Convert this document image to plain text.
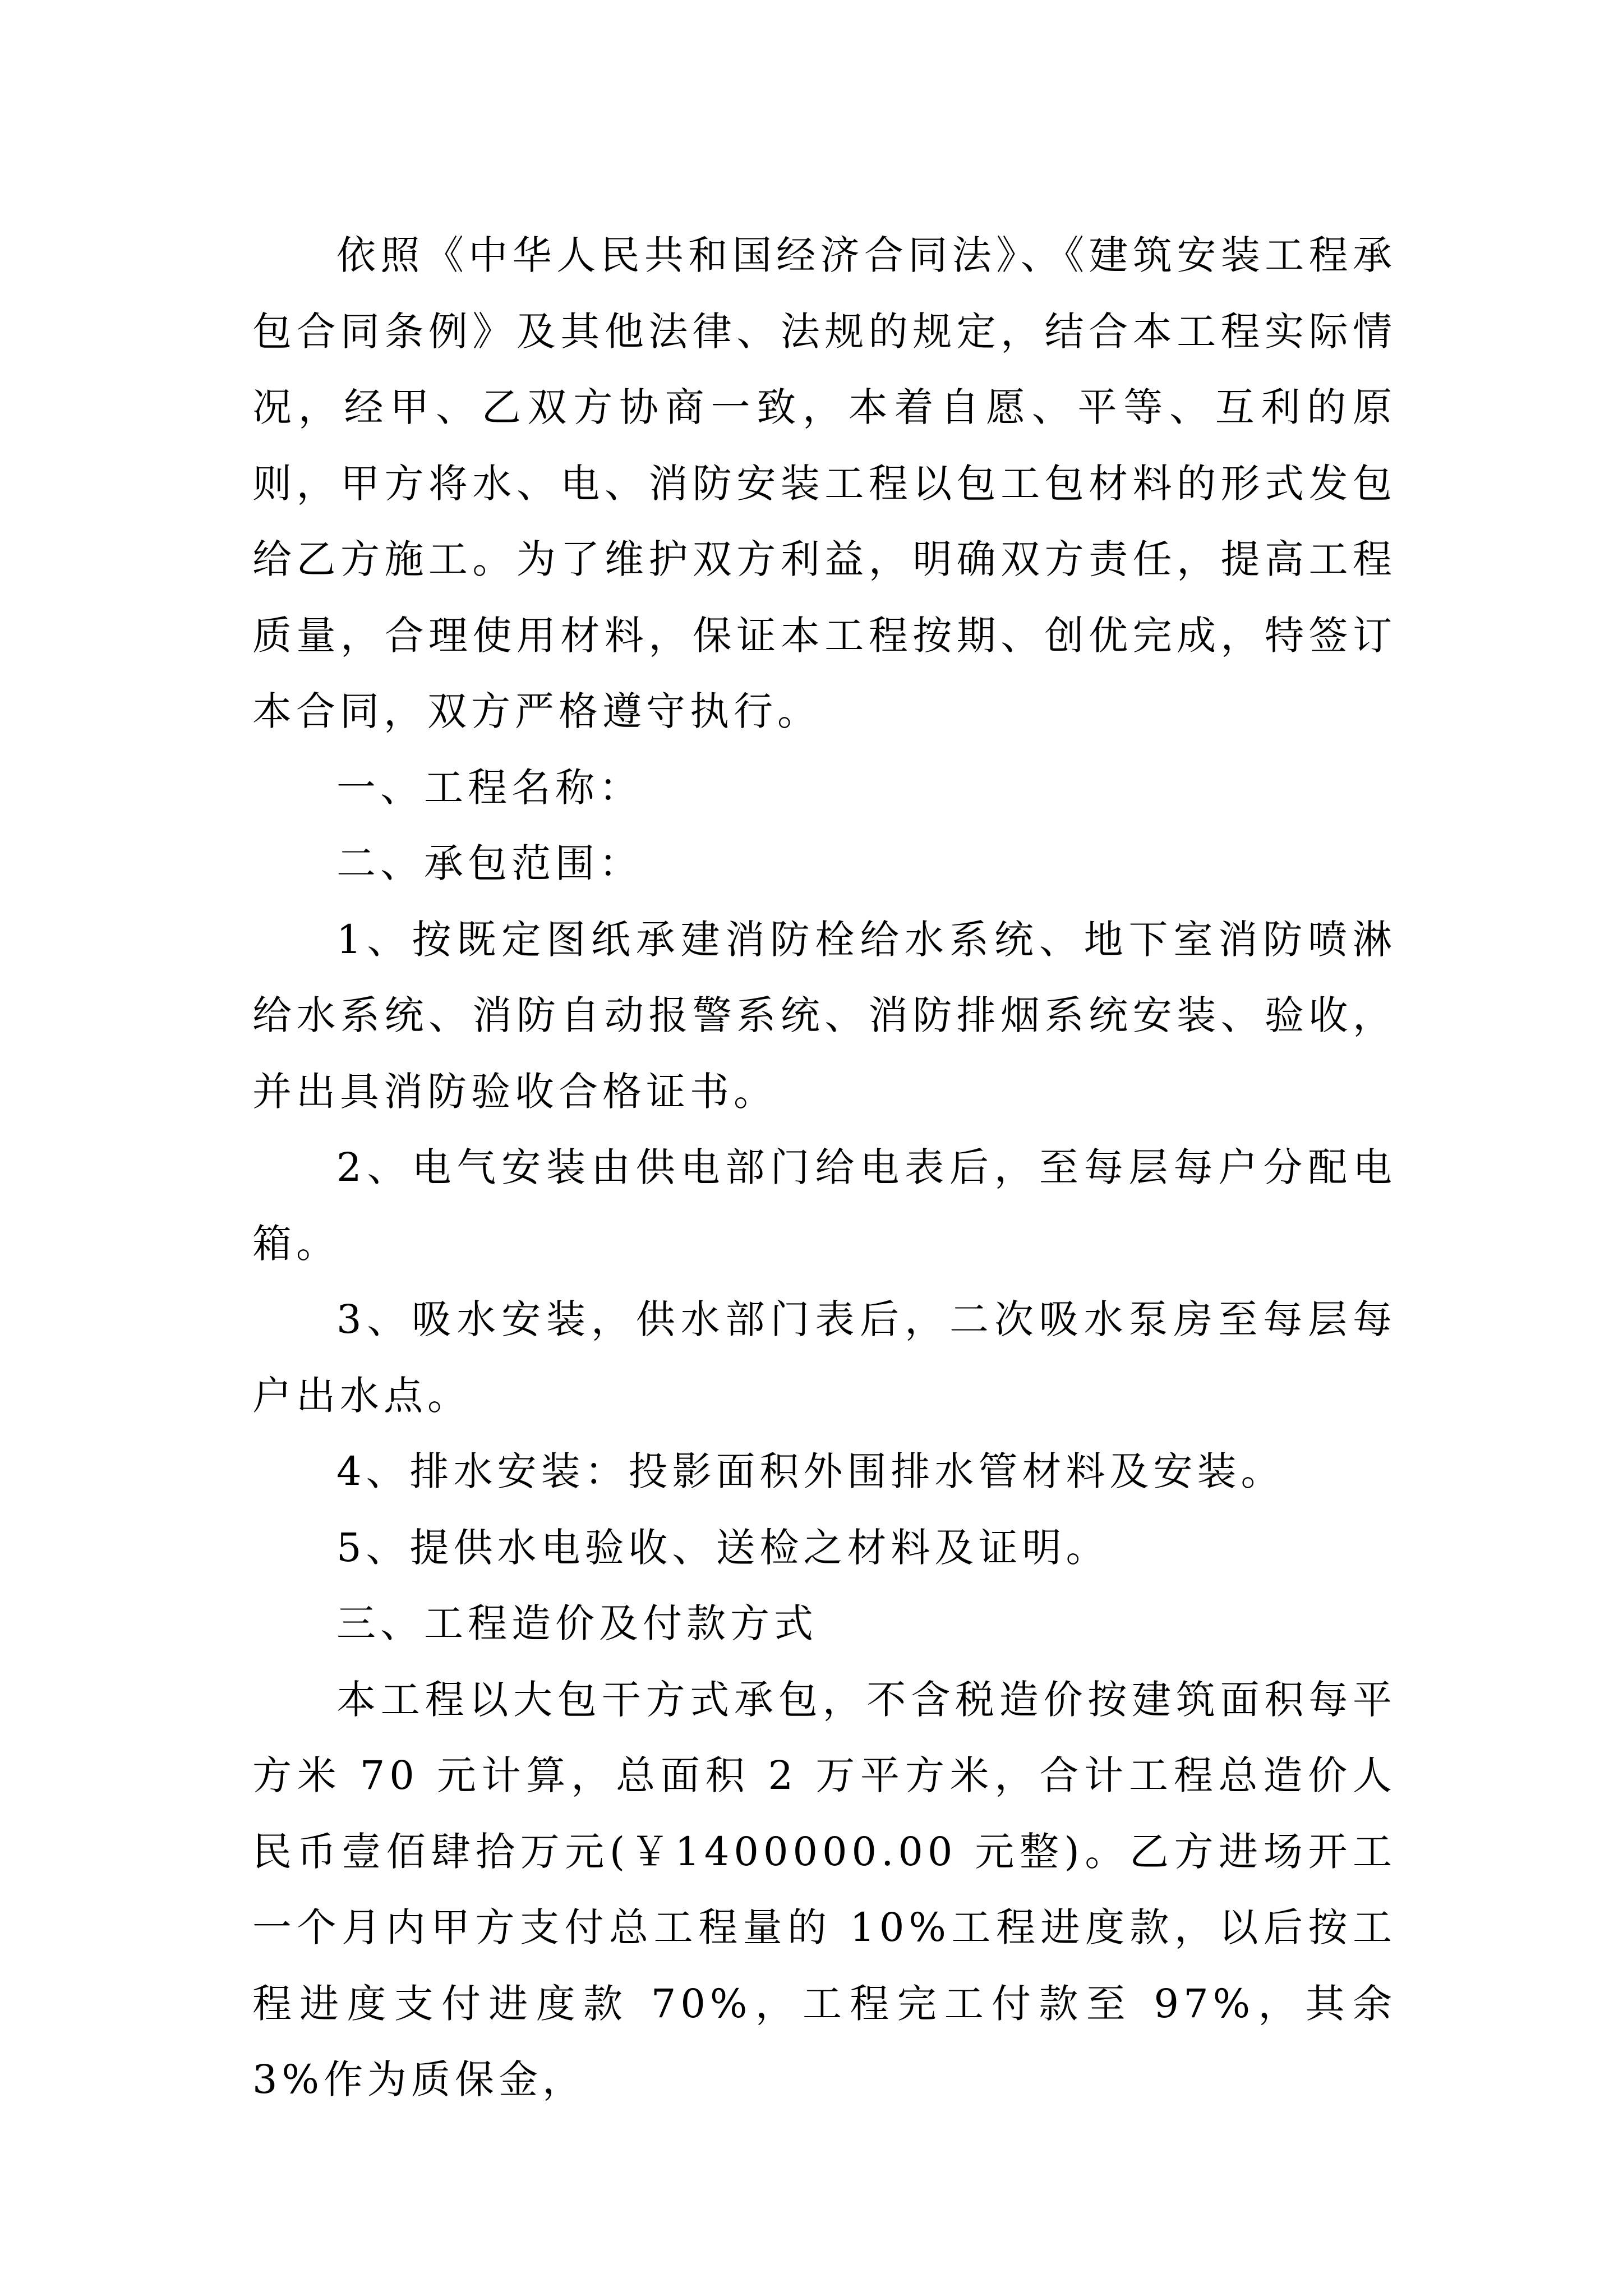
依照《中华人民共和国经济合同法》、《建筑安装工程承包合同条例》及其他法律、法规的规定，结合本工程实际情况，经甲、乙双方协商一致，本着自愿、平等、互利的原则，甲方将水、电、消防安装工程以包工包材料的形式发包给乙方施工。为了维护双方利益，明确双方责任，提高工程质量，合理使用材料，保证本工程按期、创优完成，特签订本合同，双方严格遵守执行。

一、工程名称：

二、承包范围：

1、按既定图纸承建消防栓给水系统、地下室消防喷淋给水系统、消防自动报警系统、消防排烟系统安装、验收，并出具消防验收合格证书。

2、电气安装由供电部门给电表后，至每层每户分配电箱。

3、吸水安装，供水部门表后，二次吸水泵房至每层每户出水点。

4、排水安装：投影面积外围排水管材料及安装。

5、提供水电验收、送检之材料及证明。

三、工程造价及付款方式

本工程以大包干方式承包，不含税造价按建筑面积每平方米 70 元计算，总面积 2 万平方米，合计工程总造价人民币壹佰肆拾万元(￥1400000.00 元整)。乙方进场开工一个月内甲方支付总工程量的 10%工程进度款，以后按工程进度支付进度款 70%，工程完工付款至 97%，其余 3%作为质保金，
